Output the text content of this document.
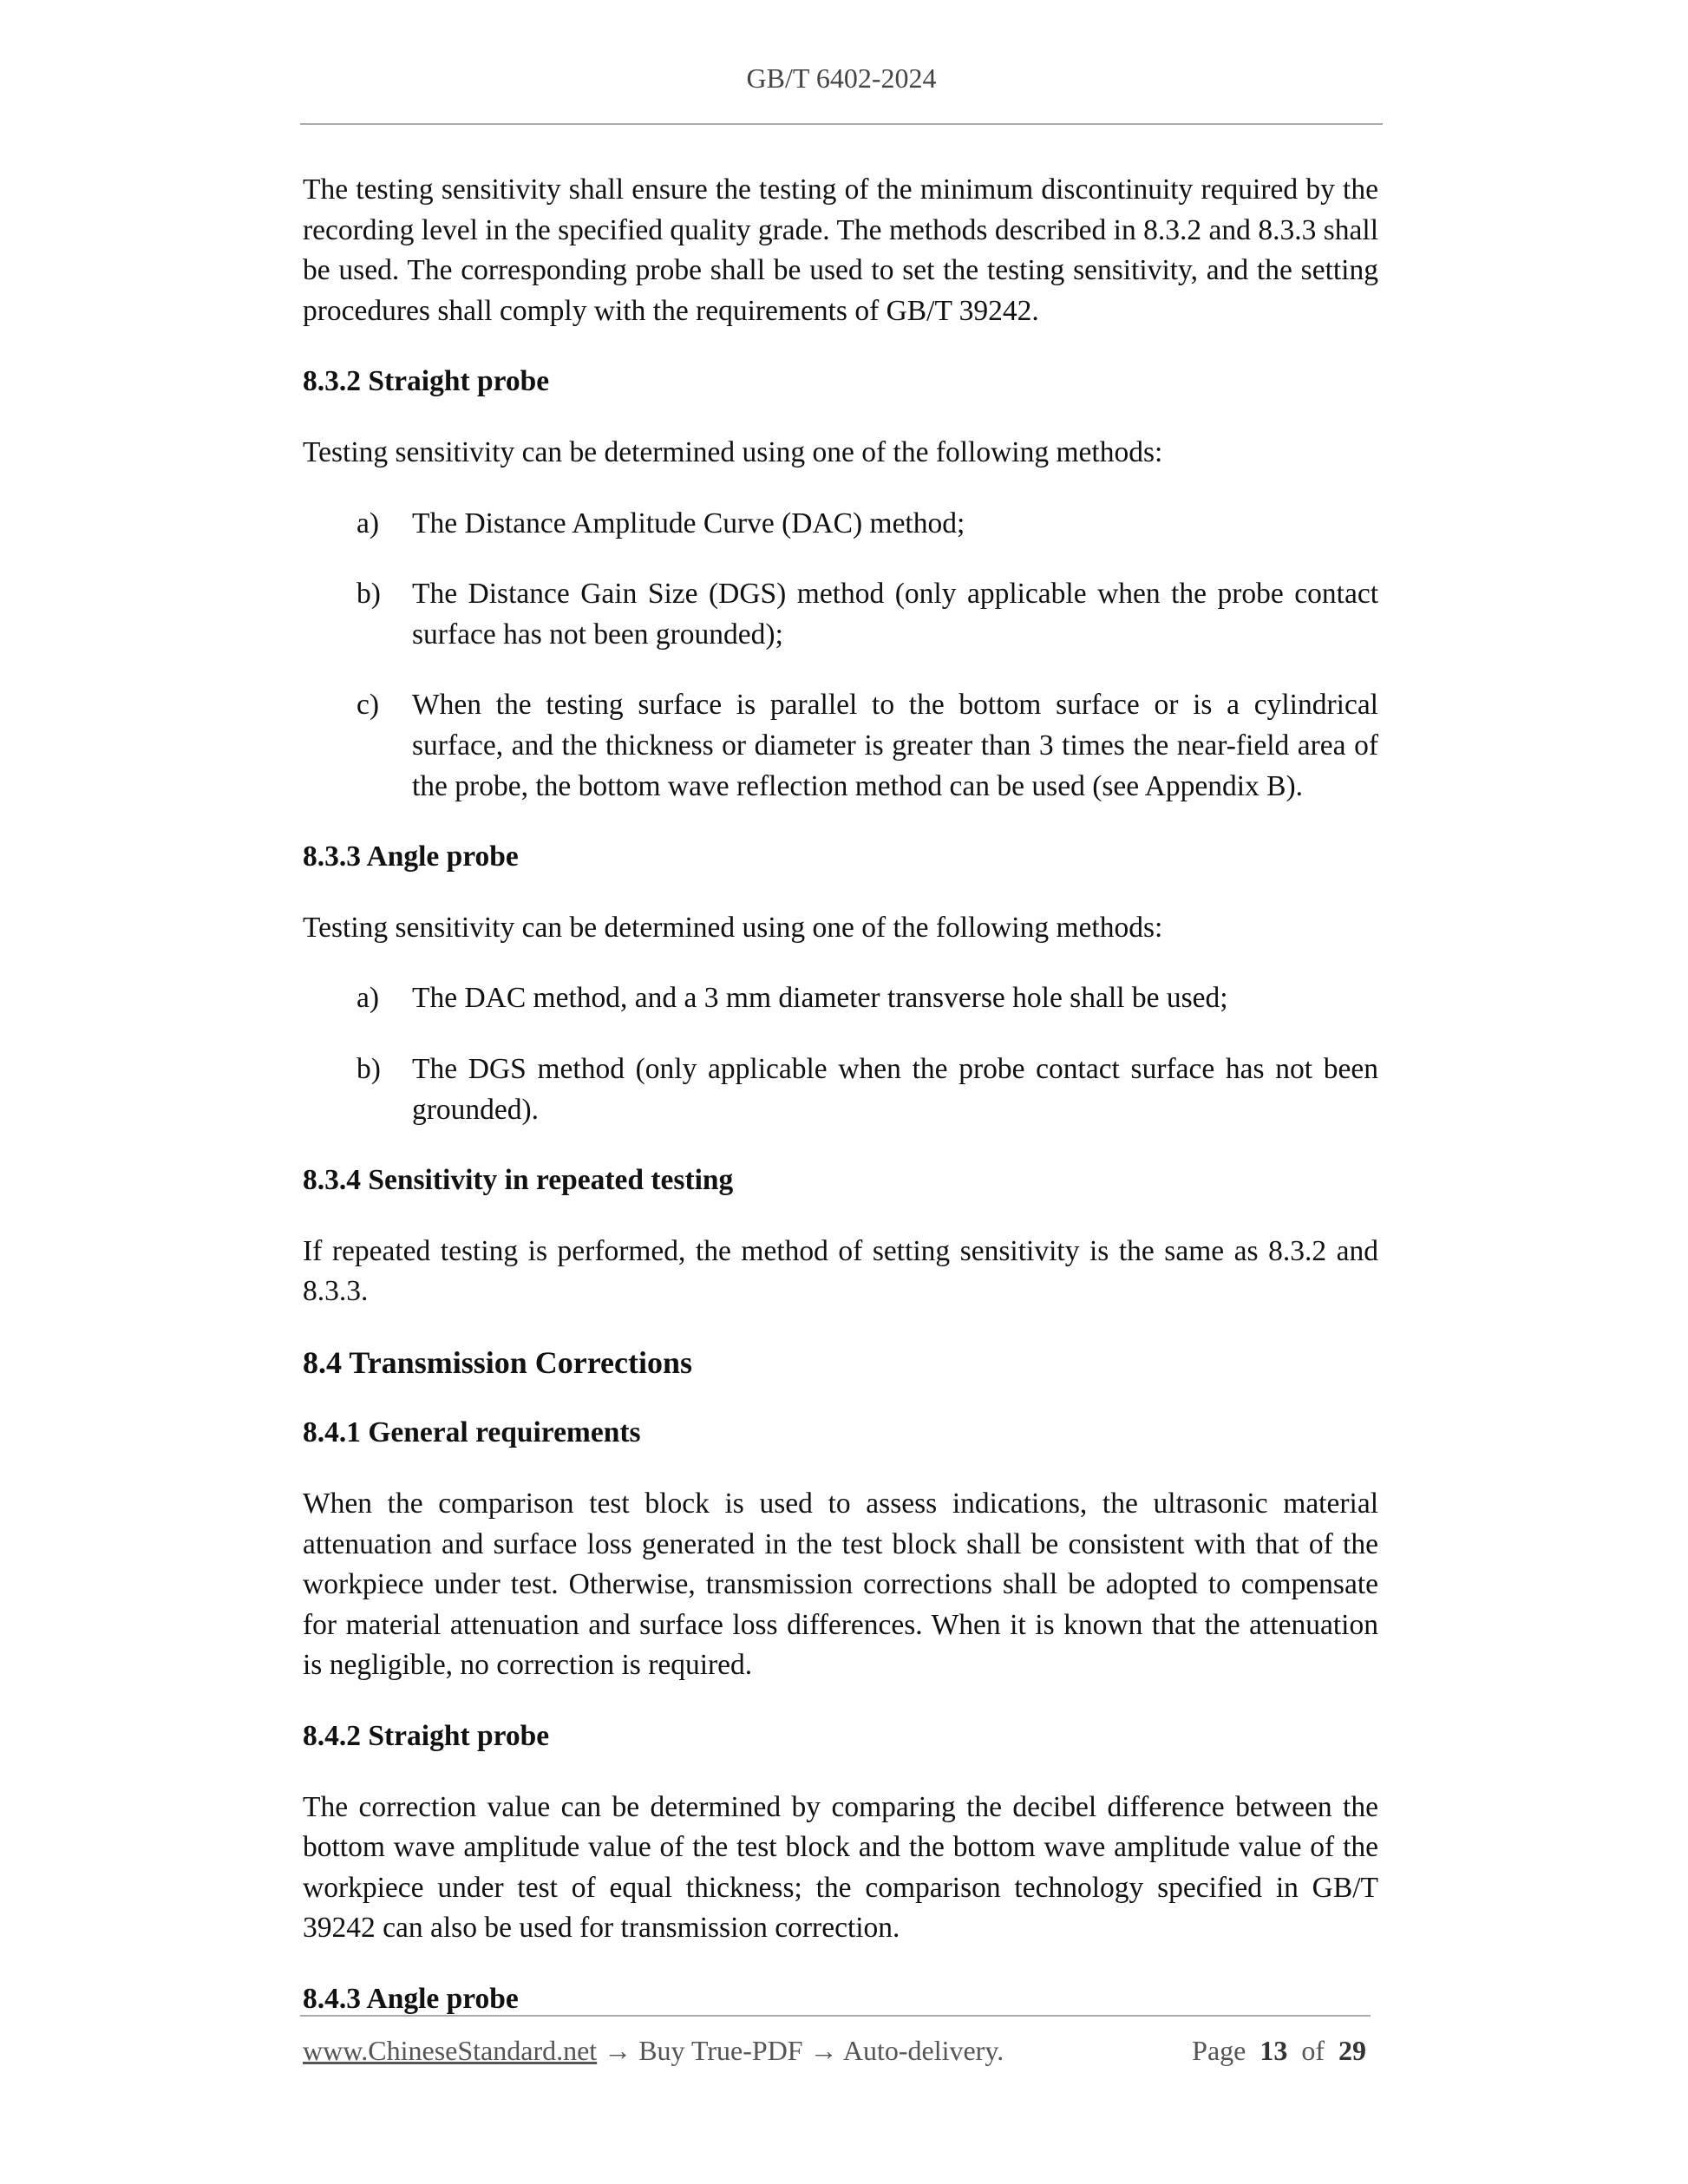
GB/T 6402-2024

The testing sensitivity shall ensure the testing of the minimum discontinuity required by the recording level in the specified quality grade. The methods described in 8.3.2 and 8.3.3 shall be used. The corresponding probe shall be used to set the testing sensitivity, and the setting procedures shall comply with the requirements of GB/T 39242.

8.3.2 Straight probe

Testing sensitivity can be determined using one of the following methods:

a)	The Distance Amplitude Curve (DAC) method;
b)	The Distance Gain Size (DGS) method (only applicable when the probe contact surface has not been grounded);
c)	When the testing surface is parallel to the bottom surface or is a cylindrical surface, and the thickness or diameter is greater than 3 times the near-field area of the probe, the bottom wave reflection method can be used (see Appendix B).
8.3.3 Angle probe

Testing sensitivity can be determined using one of the following methods:

a)	The DAC method, and a 3 mm diameter transverse hole shall be used;
b)	The DGS method (only applicable when the probe contact surface has not been grounded).
8.3.4 Sensitivity in repeated testing

If repeated testing is performed, the method of setting sensitivity is the same as 8.3.2 and 8.3.3.

8.4 Transmission Corrections
8.4.1 General requirements

When the comparison test block is used to assess indications, the ultrasonic material attenuation and surface loss generated in the test block shall be consistent with that of the workpiece under test. Otherwise, transmission corrections shall be adopted to compensate for material attenuation and surface loss differences. When it is known that the attenuation is negligible, no correction is required.

8.4.2 Straight probe

The correction value can be determined by comparing the decibel difference between the bottom wave amplitude value of the test block and the bottom wave amplitude value of the workpiece under test of equal thickness; the comparison technology specified in GB/T 39242 can also be used for transmission correction.

8.4.3 Angle probe
www.ChineseStandard.net → Buy True-PDF → Auto-delivery.	Page 13 of 29
